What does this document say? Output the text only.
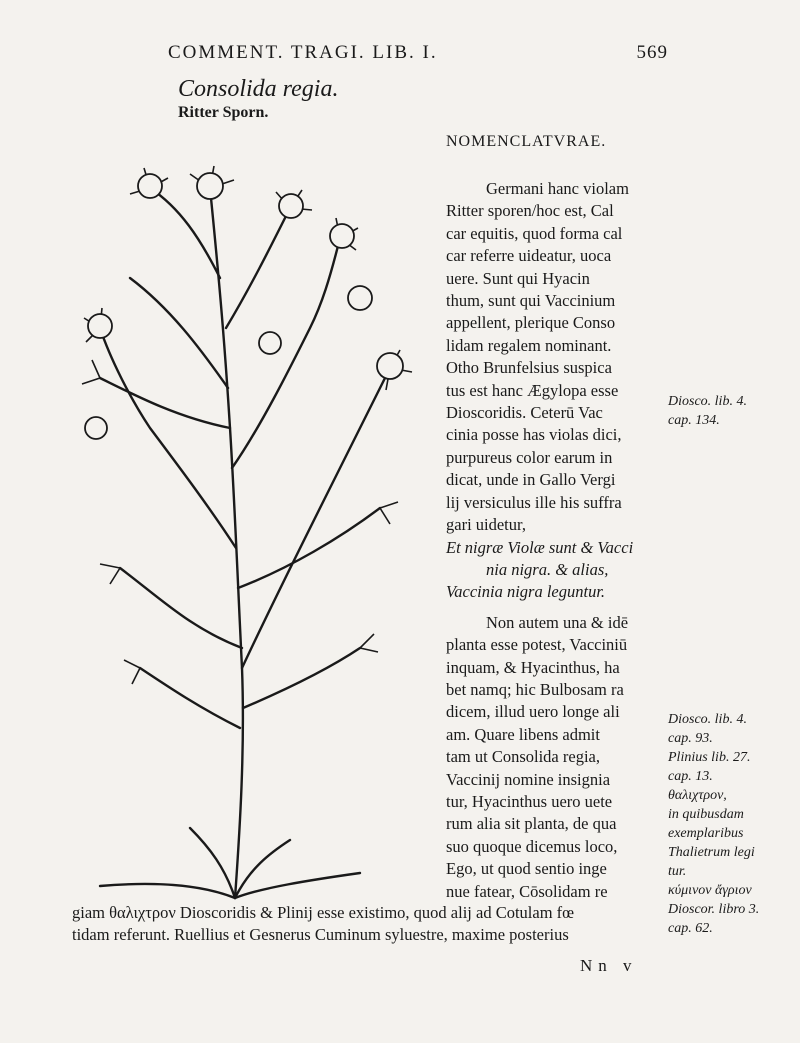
COMMENT. TRAGI. LIB. I.	569
Consolida regia.
Ritter Sporn.
NOMENCLATVRAE.
Germani hanc violam
Ritter sporen/hoc est, Cal
car equitis, quod forma cal
car referre uideatur, uoca
uere. Sunt qui Hyacin
thum, sunt qui Vaccinium
appellent, plerique Conso
lidam regalem nominant.
Otho Brunfelsius suspica
tus est hanc Ægylopa esse
Dioscoridis. Ceterū Vac
cinia posse has violas dici,
purpureus color earum in
dicat, unde in Gallo Vergi
lij versiculus ille his suffra
gari uidetur,
Et nigræ Violæ sunt & Vacci
nia nigra. & alias,
Vaccinia nigra leguntur.
Non autem una & idē
planta esse potest, Vacciniū
inquam, & Hyacinthus, ha
bet namq; hic Bulbosam ra
dicem, illud uero longe ali
am. Quare libens admit
tam ut Consolida regia,
Vaccinij nomine insignia
tur, Hyacinthus uero uete
rum alia sit planta, de qua
suo quoque dicemus loco,
Ego, ut quod sentio inge
nue fatear, Cōsolidam re
giam θαλιχτρον Dioscoridis & Plinij esse existimo, quod alij ad Cotulam fœ
tidam referunt. Ruellius et Gesnerus Cuminum syluestre, maxime posterius
Nn v
Diosco. lib. 4.
cap. 134.
Diosco. lib. 4.
cap. 93.
Plinius lib. 27.
cap. 13.
θαλιχτρον,
in quibusdam
exemplaribus
Thalietrum legi
tur.
κύμινον ἄγριον
Dioscor. libro 3.
cap. 62.
